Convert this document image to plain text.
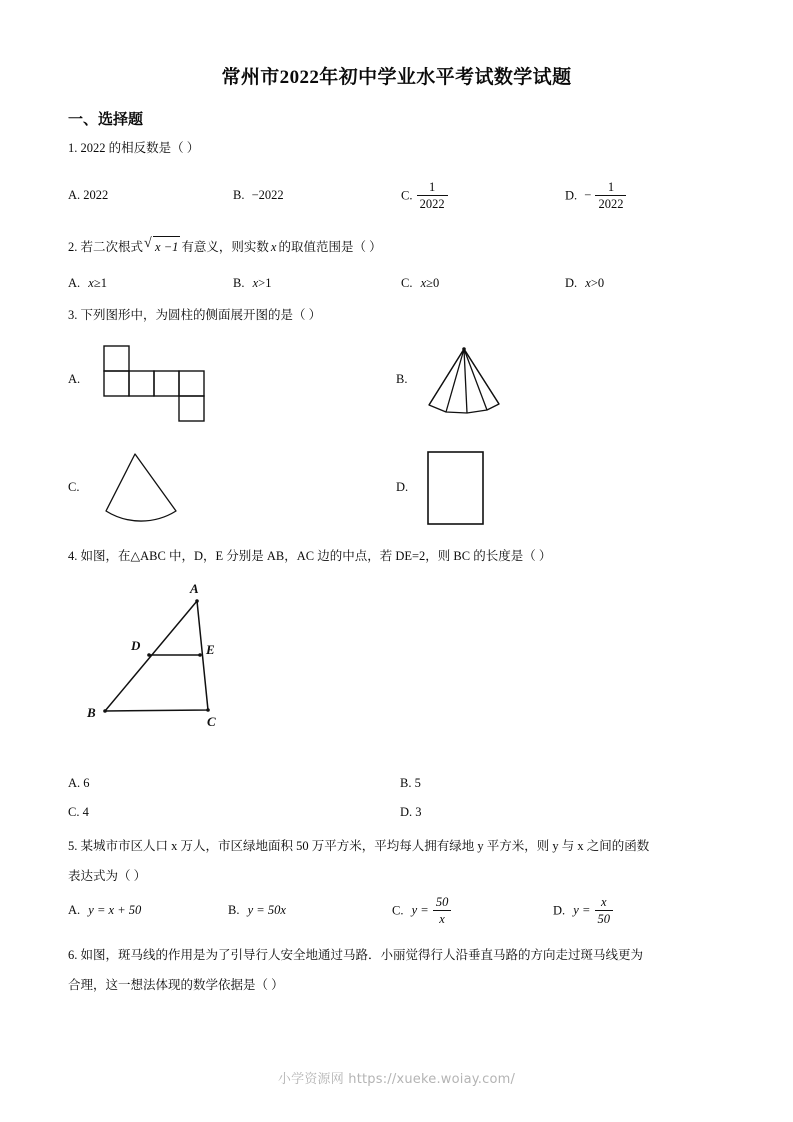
常州市2022年初中学业水平考试数学试题
一、选择题
1. 2022 的相反数是（ ）
A. 2022	B. −2022	C. $\frac{1}{2022}$	D. − $\frac{1}{2022}$
2. 若二次根式 √ x −1 有意义，则实数 x 的取值范围是（ ）
A. x≥1	B. x>1	C. x≥0	D. x>0
3. 下列图形中，为圆柱的侧面展开图的是（ ）
A.	B.
C.	D.
4. 如图，在△ABC 中，D，E 分别是 AB，AC 边的中点，若 DE=2，则 BC 的长度是（ ）
A
B
C
D	E
A. 6	B. 5
C. 4	D. 3
5. 某城市市区人口 x 万人，市区绿地面积 50 万平方米，平均每人拥有绿地 y 平方米，则 y 与 x 之间的函数
表达式为（ ）
A. y = x + 50	B. y = 50x	C. $y = \frac{50}{x}$	D. $y = \frac{x}{50}$
6. 如图，斑马线的作用是为了引导行人安全地通过马路．小丽觉得行人沿垂直马路的方向走过斑马线更为
合理，这一想法体现的数学依据是（ ）
小学资源网 https://xueke.woiay.com/
